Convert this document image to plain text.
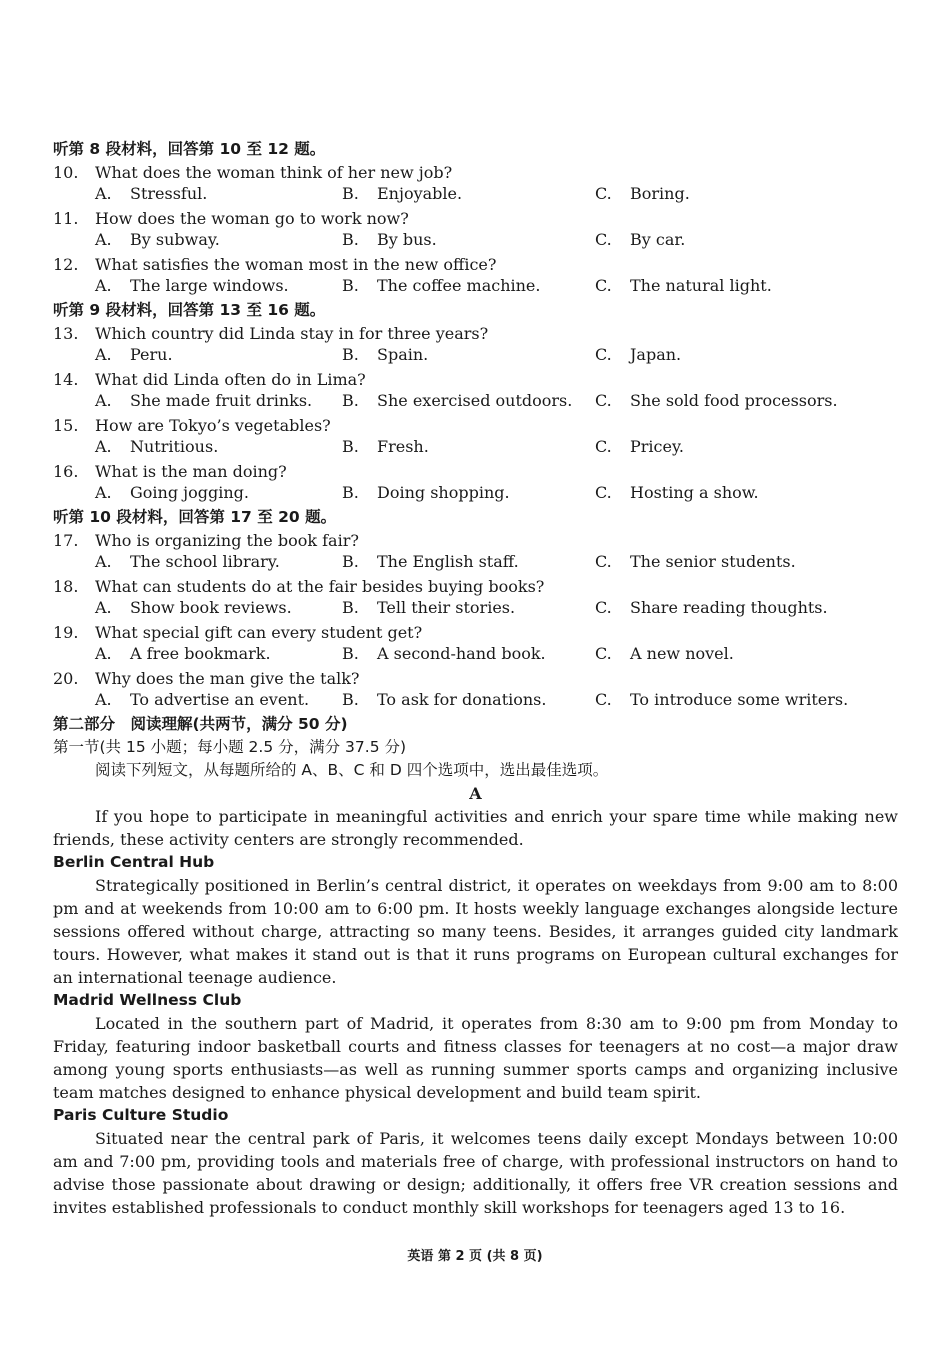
听第 8 段材料，回答第 10 至 12 题。
10. What does the woman think of her new job?
A. Stressful.	B. Enjoyable.	C. Boring.
11. How does the woman go to work now?
A. By subway.	B. By bus.	C. By car.
12. What satisfies the woman most in the new office?
A. The large windows.	B. The coffee machine.	C. The natural light.
听第 9 段材料，回答第 13 至 16 题。
13. Which country did Linda stay in for three years?
A. Peru.	B. Spain.	C. Japan.
14. What did Linda often do in Lima?
A. She made fruit drinks. B. She exercised outdoors. C. She sold food processors.
15. How are Tokyo’s vegetables?
A. Nutritious.	B. Fresh.	C. Pricey.
16. What is the man doing?
A. Going jogging.	B. Doing shopping.	C. Hosting a show.
听第 10 段材料，回答第 17 至 20 题。
17. Who is organizing the book fair?
A. The school library.	B. The English staff.	C. The senior students.
18. What can students do at the fair besides buying books?
A. Show book reviews.	B. Tell their stories.	C. Share reading thoughts.
19. What special gift can every student get?
A. A free bookmark.	B. A second-hand book.	C. A new novel.
20. Why does the man give the talk?
A. To advertise an event. B. To ask for donations.	C. To introduce some writers.
第二部分　阅读理解(共两节，满分 50 分)
第一节(共 15 小题；每小题 2.5 分，满分 37.5 分)
阅读下列短文，从每题所给的 A、B、C 和 D 四个选项中，选出最佳选项。
A

If you hope to participate in meaningful activities and enrich your spare time while making new friends, these activity centers are strongly recommended.

Berlin Central Hub

Strategically positioned in Berlin’s central district, it operates on weekdays from 9:00 am to 8:00 pm and at weekends from 10:00 am to 6:00 pm. It hosts weekly language exchanges alongside lecture sessions offered without charge, attracting so many teens. Besides, it arranges guided city landmark tours. However, what makes it stand out is that it runs programs on European cultural exchanges for an international teenage audience.

Madrid Wellness Club

Located in the southern part of Madrid, it operates from 8:30 am to 9:00 pm from Monday to Friday, featuring indoor basketball courts and fitness classes for teenagers at no cost—a major draw among young sports enthusiasts—as well as running summer sports camps and organizing inclusive team matches designed to enhance physical development and build team spirit.

Paris Culture Studio

Situated near the central park of Paris, it welcomes teens daily except Mondays between 10:00 am and 7:00 pm, providing tools and materials free of charge, with professional instructors on hand to advise those passionate about drawing or design; additionally, it offers free VR creation sessions and invites established professionals to conduct monthly skill workshops for teenagers aged 13 to 16.

英语 第 2 页 (共 8 页)
